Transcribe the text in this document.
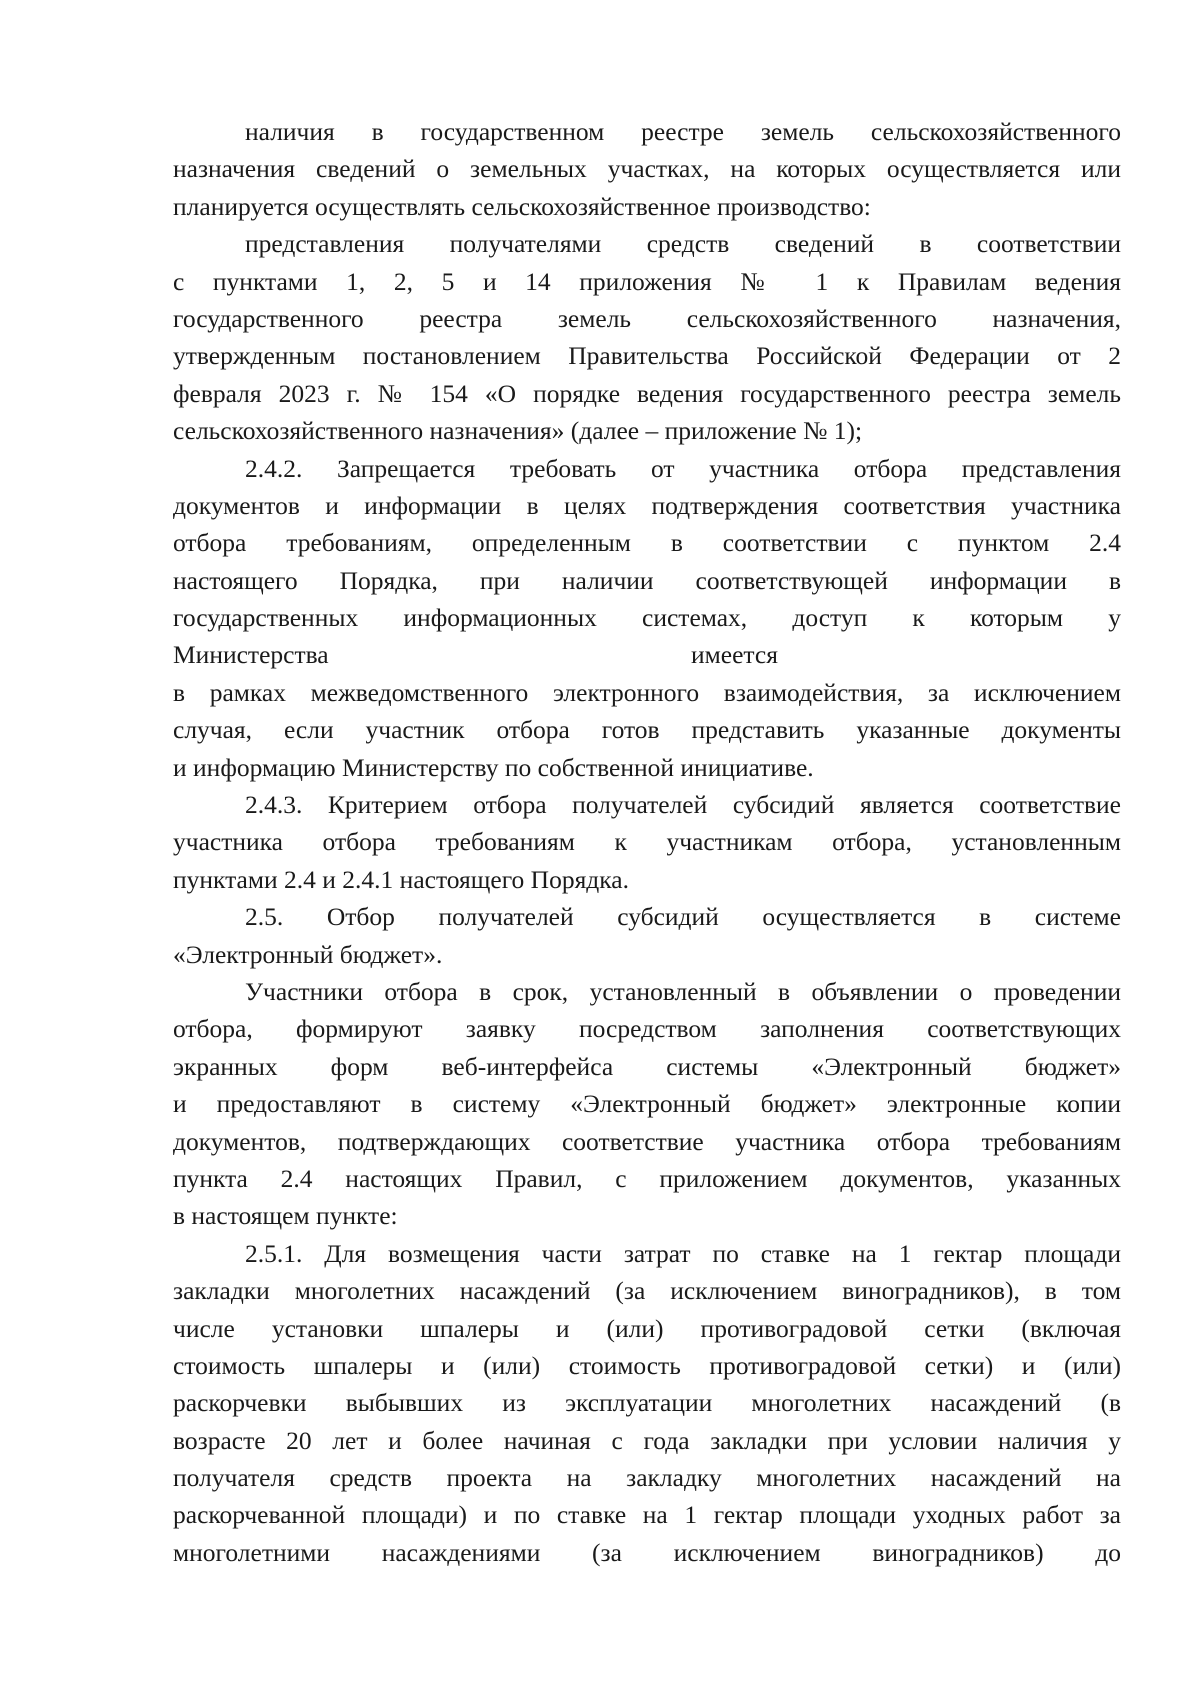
наличия в государственном реестре земель сельскохозяйственного
назначения сведений о земельных участках, на которых осуществляется или
планируется осуществлять сельскохозяйственное производство:
представления получателями средств сведений в соответствии
с пунктами 1, 2, 5 и 14 приложения № 1 к Правилам ведения
государственного реестра земель сельскохозяйственного назначения,
утвержденным постановлением Правительства Российской Федерации от 2
февраля 2023 г. № 154 «О порядке ведения государственного реестра земель
сельскохозяйственного назначения» (далее – приложение № 1);
2.4.2. Запрещается требовать от участника отбора представления
документов и информации в целях подтверждения соответствия участника
отбора требованиям, определенным в соответствии с пунктом 2.4
настоящего Порядка, при наличии соответствующей информации в
государственных информационных системах, доступ к которым у
Министерства	имеется
в рамках межведомственного электронного взаимодействия, за исключением
случая, если участник отбора готов представить указанные документы
и информацию Министерству по собственной инициативе.
2.4.3. Критерием отбора получателей субсидий является соответствие
участника отбора требованиям к участникам отбора, установленным
пунктами 2.4 и 2.4.1 настоящего Порядка.
2.5. Отбор получателей субсидий осуществляется в системе
«Электронный бюджет».
Участники отбора в срок, установленный в объявлении о проведении
отбора, формируют заявку посредством заполнения соответствующих
экранных форм веб-интерфейса системы «Электронный бюджет»
и предоставляют в систему «Электронный бюджет» электронные копии
документов, подтверждающих соответствие участника отбора требованиям
пункта 2.4 настоящих Правил, с приложением документов, указанных
в настоящем пункте:
2.5.1. Для возмещения части затрат по ставке на 1 гектар площади
закладки многолетних насаждений (за исключением виноградников), в том
числе установки шпалеры и (или) противоградовой сетки (включая
стоимость шпалеры и (или) стоимость противоградовой сетки) и (или)
раскорчевки выбывших из эксплуатации многолетних насаждений (в
возрасте 20 лет и более начиная с года закладки при условии наличия у
получателя средств проекта на закладку многолетних насаждений на
раскорчеванной площади) и по ставке на 1 гектар площади уходных работ за
многолетними насаждениями (за исключением виноградников) до
